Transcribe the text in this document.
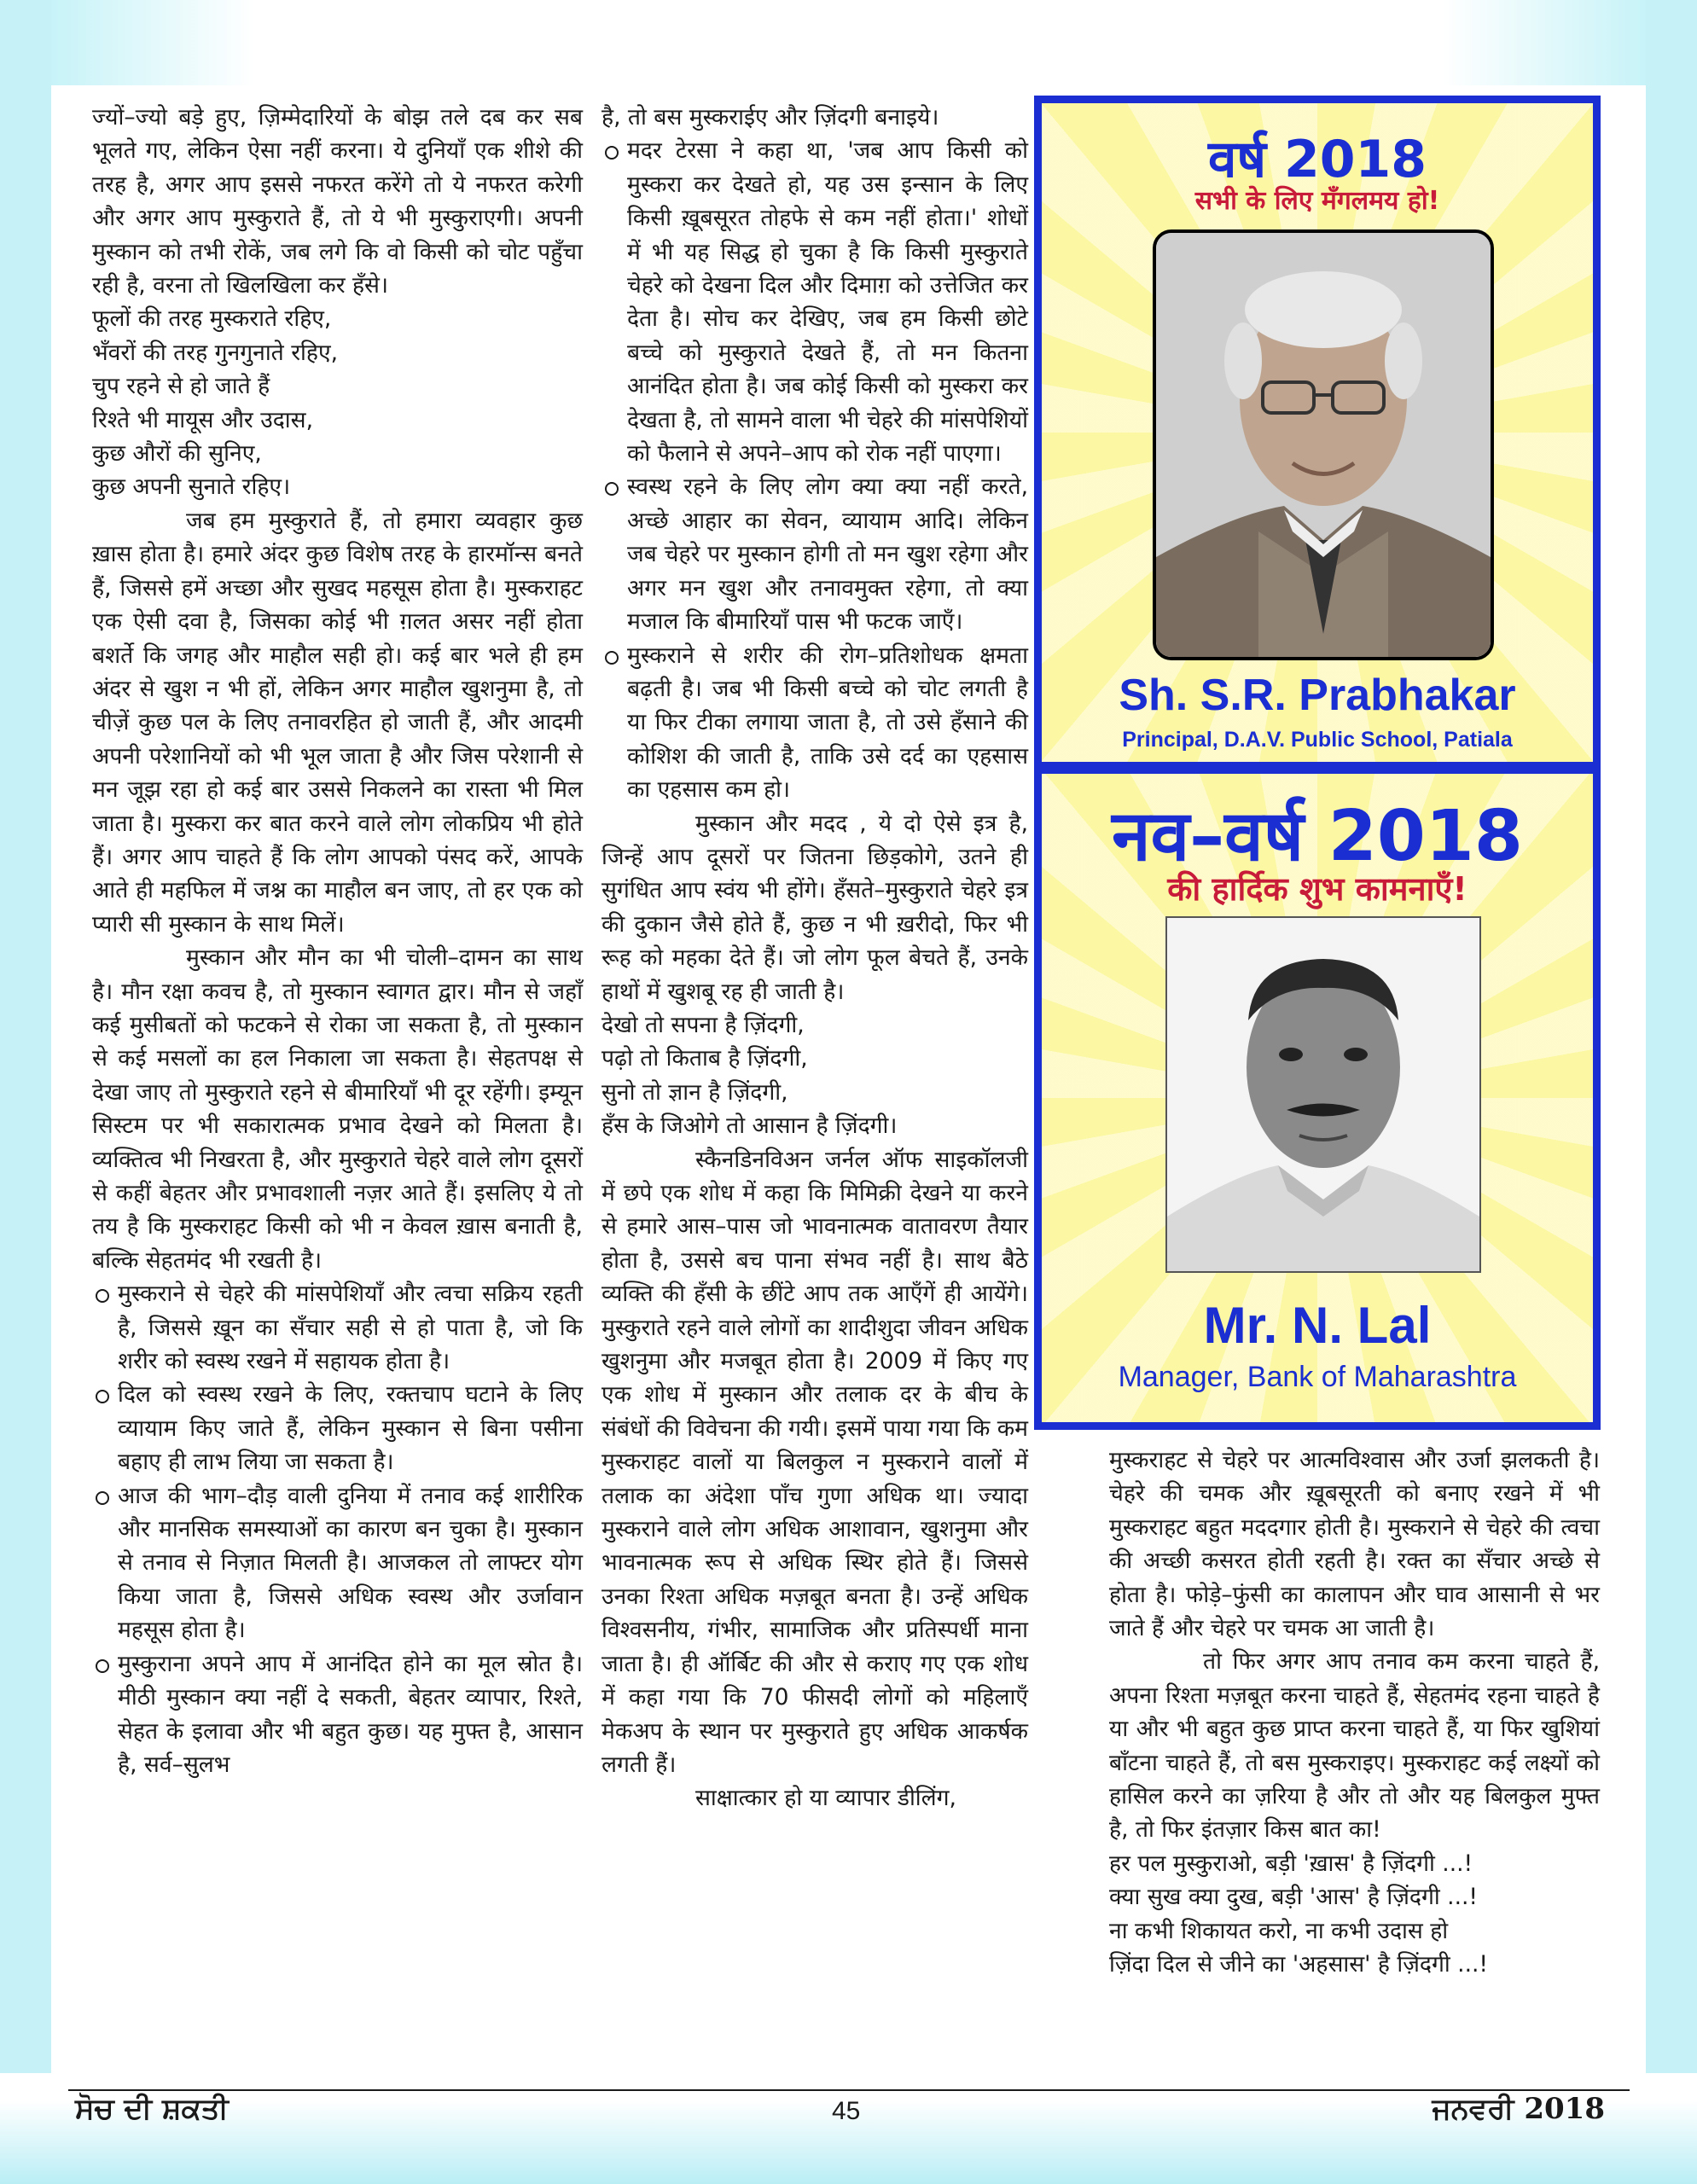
ज्यों–ज्यो बड़े हुए, ज़िम्मेदारियों के बोझ तले दब कर सब भूलते गए, लेकिन ऐसा नहीं करना। ये दुनियाँ एक शीशे की तरह है, अगर आप इससे नफरत करेंगे तो ये नफरत करेगी और अगर आप मुस्कुराते हैं, तो ये भी मुस्कुराएगी। अपनी मुस्कान को तभी रोकें, जब लगे कि वो किसी को चोट पहुँचा रही है, वरना तो खिलखिला कर हँसे।

फूलों की तरह मुस्कराते रहिए,

भँवरों की तरह गुनगुनाते रहिए,

चुप रहने से हो जाते हैं

रिश्ते भी मायूस और उदास,

कुछ औरों की सुनिए,

कुछ अपनी सुनाते रहिए।

जब हम मुस्कुराते हैं, तो हमारा व्यवहार कुछ ख़ास होता है। हमारे अंदर कुछ विशेष तरह के हारमॉन्स बनते हैं, जिससे हमें अच्छा और सुखद महसूस होता है। मुस्कराहट एक ऐसी दवा है, जिसका कोई भी ग़लत असर नहीं होता बशर्ते कि जगह और माहौल सही हो। कई बार भले ही हम अंदर से खुश न भी हों, लेकिन अगर माहौल खुशनुमा है, तो चीज़ें कुछ पल के लिए तनावरहित हो जाती हैं, और आदमी अपनी परेशानियों को भी भूल जाता है और जिस परेशानी से मन जूझ रहा हो कई बार उससे निकलने का रास्ता भी मिल जाता है। मुस्करा कर बात करने वाले लोग लोकप्रिय भी होते हैं। अगर आप चाहते हैं कि लोग आपको पंसद करें, आपके आते ही महफिल में जश्न का माहौल बन जाए, तो हर एक को प्यारी सी मुस्कान के साथ मिलें।

मुस्कान और मौन का भी चोली–दामन का साथ है। मौन रक्षा कवच है, तो मुस्कान स्वागत द्वार। मौन से जहाँ कई मुसीबतों को फटकने से रोका जा सकता है, तो मुस्कान से कई मसलों का हल निकाला जा सकता है। सेहतपक्ष से देखा जाए तो मुस्कुराते रहने से बीमारियाँ भी दूर रहेंगी। इम्यून सिस्टम पर भी सकारात्मक प्रभाव देखने को मिलता है। व्यक्तित्व भी निखरता है, और मुस्कुराते चेहरे वाले लोग दूसरों से कहीं बेहतर और प्रभावशाली नज़र आते हैं। इसलिए ये तो तय है कि मुस्कराहट किसी को भी न केवल ख़ास बनाती है, बल्कि सेहतमंद भी रखती है।

मुस्कराने से चेहरे की मांसपेशियाँ और त्वचा सक्रिय रहती है, जिससे ख़ून का सँचार सही से हो पाता है, जो कि शरीर को स्वस्थ रखने में सहायक होता है।

दिल को स्वस्थ रखने के लिए, रक्तचाप घटाने के लिए व्यायाम किए जाते हैं, लेकिन मुस्कान से बिना पसीना बहाए ही लाभ लिया जा सकता है।

आज की भाग–दौड़ वाली दुनिया में तनाव कई शारीरिक और मानसिक समस्याओं का कारण बन चुका है। मुस्कान से तनाव से निज़ात मिलती है। आजकल तो लाफ्टर योग किया जाता है, जिससे अधिक स्वस्थ और उर्जावान महसूस होता है।

मुस्कुराना अपने आप में आनंदित होने का मूल स्रोत है। मीठी मुस्कान क्या नहीं दे सकती, बेहतर व्यापार, रिश्ते, सेहत के इलावा और भी बहुत कुछ। यह मुफ्त है, आसान है, सर्व–सुलभ

है, तो बस मुस्कराईए और ज़िंदगी बनाइये।

मदर टेरसा ने कहा था, 'जब आप किसी को मुस्करा कर देखते हो, यह उस इन्सान के लिए किसी ख़ूबसूरत तोहफे से कम नहीं होता।' शोधों में भी यह सिद्ध हो चुका है कि किसी मुस्कुराते चेहरे को देखना दिल और दिमाग़ को उत्तेजित कर देता है। सोच कर देखिए, जब हम किसी छोटे बच्चे को मुस्कुराते देखते हैं, तो मन कितना आनंदित होता है। जब कोई किसी को मुस्करा कर देखता है, तो सामने वाला भी चेहरे की मांसपेशियों को फैलाने से अपने–आप को रोक नहीं पाएगा।

स्वस्थ रहने के लिए लोग क्या क्या नहीं करते, अच्छे आहार का सेवन, व्यायाम आदि। लेकिन जब चेहरे पर मुस्कान होगी तो मन खुश रहेगा और अगर मन खुश और तनावमुक्त रहेगा, तो क्या मजाल कि बीमारियाँ पास भी फटक जाएँ।

मुस्कराने से शरीर की रोग–प्रतिशोधक क्षमता बढ़ती है। जब भी किसी बच्चे को चोट लगती है या फिर टीका लगाया जाता है, तो उसे हँसाने की कोशिश की जाती है, ताकि उसे दर्द का एहसास का एहसास कम हो।

मुस्कान और मदद , ये दो ऐसे इत्र है, जिन्हें आप दूसरों पर जितना छिड़कोगे, उतने ही सुगंधित आप स्वंय भी होंगे। हँसते–मुस्कुराते चेहरे इत्र की दुकान जैसे होते हैं, कुछ न भी ख़रीदो, फिर भी रूह को महका देते हैं। जो लोग फूल बेचते हैं, उनके हाथों में खुशबू रह ही जाती है।

देखो तो सपना है ज़िंदगी,

पढ़ो तो किताब है ज़िंदगी,

सुनो तो ज्ञान है ज़िंदगी,

हँस के जिओगे तो आसान है ज़िंदगी।

स्कैनडिनविअन जर्नल ऑफ साइकॉलजी में छपे एक शोध में कहा कि मिमिक्री देखने या करने से हमारे आस–पास जो भावनात्मक वातावरण तैयार होता है, उससे बच पाना संभव नहीं है। साथ बैठे व्यक्ति की हँसी के छींटे आप तक आएँगें ही आयेंगे। मुस्कुराते रहने वाले लोगों का शादीशुदा जीवन अधिक खुशनुमा और मजबूत होता है। 2009 में किए गए एक शोध में मुस्कान और तलाक दर के बीच के संबंधों की विवेचना की गयी। इसमें पाया गया कि कम मुस्कराहट वालों या बिलकुल न मुस्कराने वालों में तलाक का अंदेशा पाँच गुणा अधिक था। ज्यादा मुस्कराने वाले लोग अधिक आशावान, खुशनुमा और भावनात्मक रूप से अधिक स्थिर होते हैं। जिससे उनका रिश्ता अधिक मज़बूत बनता है। उन्हें अधिक विश्वसनीय, गंभीर, सामाजिक और प्रतिस्पर्धी माना जाता है। ही ऑर्बिट की और से कराए गए एक शोध में कहा गया कि 70 फीसदी लोगों को महिलाएँ मेकअप के स्थान पर मुस्कुराते हुए अधिक आकर्षक लगती हैं।

साक्षात्कार हो या व्यापार डीलिंग,

मुस्कराहट से चेहरे पर आत्मविश्वास और उर्जा झलकती है। चेहरे की चमक और ख़ूबसूरती को बनाए रखने में भी मुस्कराहट बहुत मददगार होती है। मुस्कराने से चेहरे की त्वचा की अच्छी कसरत होती रहती है। रक्त का सँचार अच्छे से होता है। फोड़े–फुंसी का कालापन और घाव आसानी से भर जाते हैं और चेहरे पर चमक आ जाती है।

तो फिर अगर आप तनाव कम करना चाहते हैं, अपना रिश्ता मज़बूत करना चाहते हैं, सेहतमंद रहना चाहते है या और भी बहुत कुछ प्राप्त करना चाहते हैं, या फिर खुशियां बाँटना चाहते हैं, तो बस मुस्कराइए। मुस्कराहट कई लक्ष्यों को हासिल करने का ज़रिया है और तो और यह बिलकुल मुफ्त है, तो फिर इंतज़ार किस बात का!

हर पल मुस्कुराओ, बड़ी 'ख़ास' है ज़िंदगी ...!

क्या सुख क्या दुख, बड़ी 'आस' है ज़िंदगी ...!

ना कभी शिकायत करो, ना कभी उदास हो

ज़िंदा दिल से जीने का 'अहसास' है ज़िंदगी ...!

वर्ष 2018
सभी के लिए मँगलमय हो!
Sh. S.R. Prabhakar
Principal, D.A.V. Public School, Patiala
नव–वर्ष 2018
की हार्दिक शुभ कामनाएँ!
Mr. N. Lal
Manager, Bank of Maharashtra
ਸੋਚ ਦੀ ਸ਼ਕਤੀ	45	ਜਨਵਰੀ 2018
